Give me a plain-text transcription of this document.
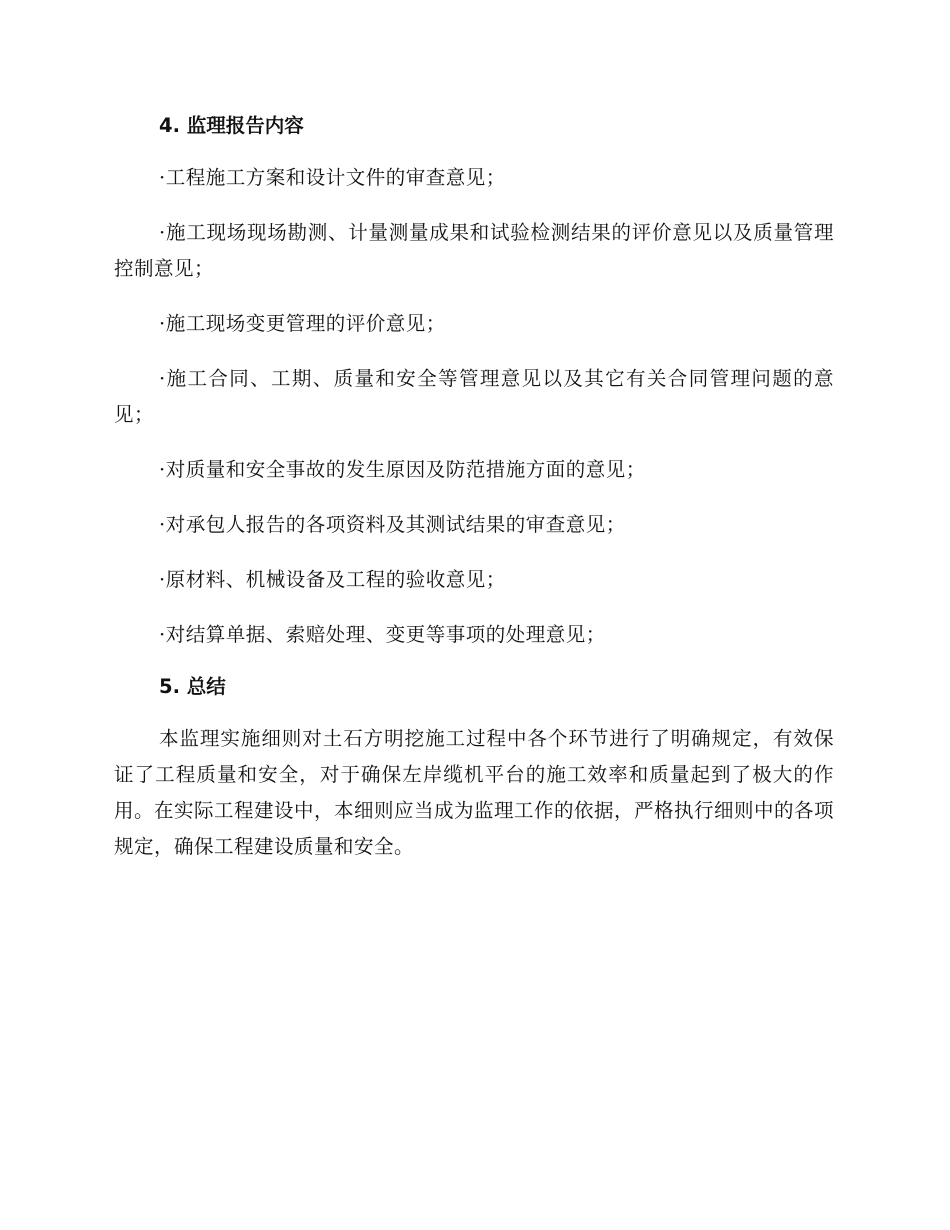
4. 监理报告内容

·工程施工方案和设计文件的审查意见；

·施工现场现场勘测、计量测量成果和试验检测结果的评价意见以及质量管理控制意见；

·施工现场变更管理的评价意见；

·施工合同、工期、质量和安全等管理意见以及其它有关合同管理问题的意见；

·对质量和安全事故的发生原因及防范措施方面的意见；

·对承包人报告的各项资料及其测试结果的审查意见；

·原材料、机械设备及工程的验收意见；

·对结算单据、索赔处理、变更等事项的处理意见；

5. 总结

本监理实施细则对土石方明挖施工过程中各个环节进行了明确规定，有效保证了工程质量和安全，对于确保左岸缆机平台的施工效率和质量起到了极大的作用。在实际工程建设中，本细则应当成为监理工作的依据，严格执行细则中的各项规定，确保工程建设质量和安全。
